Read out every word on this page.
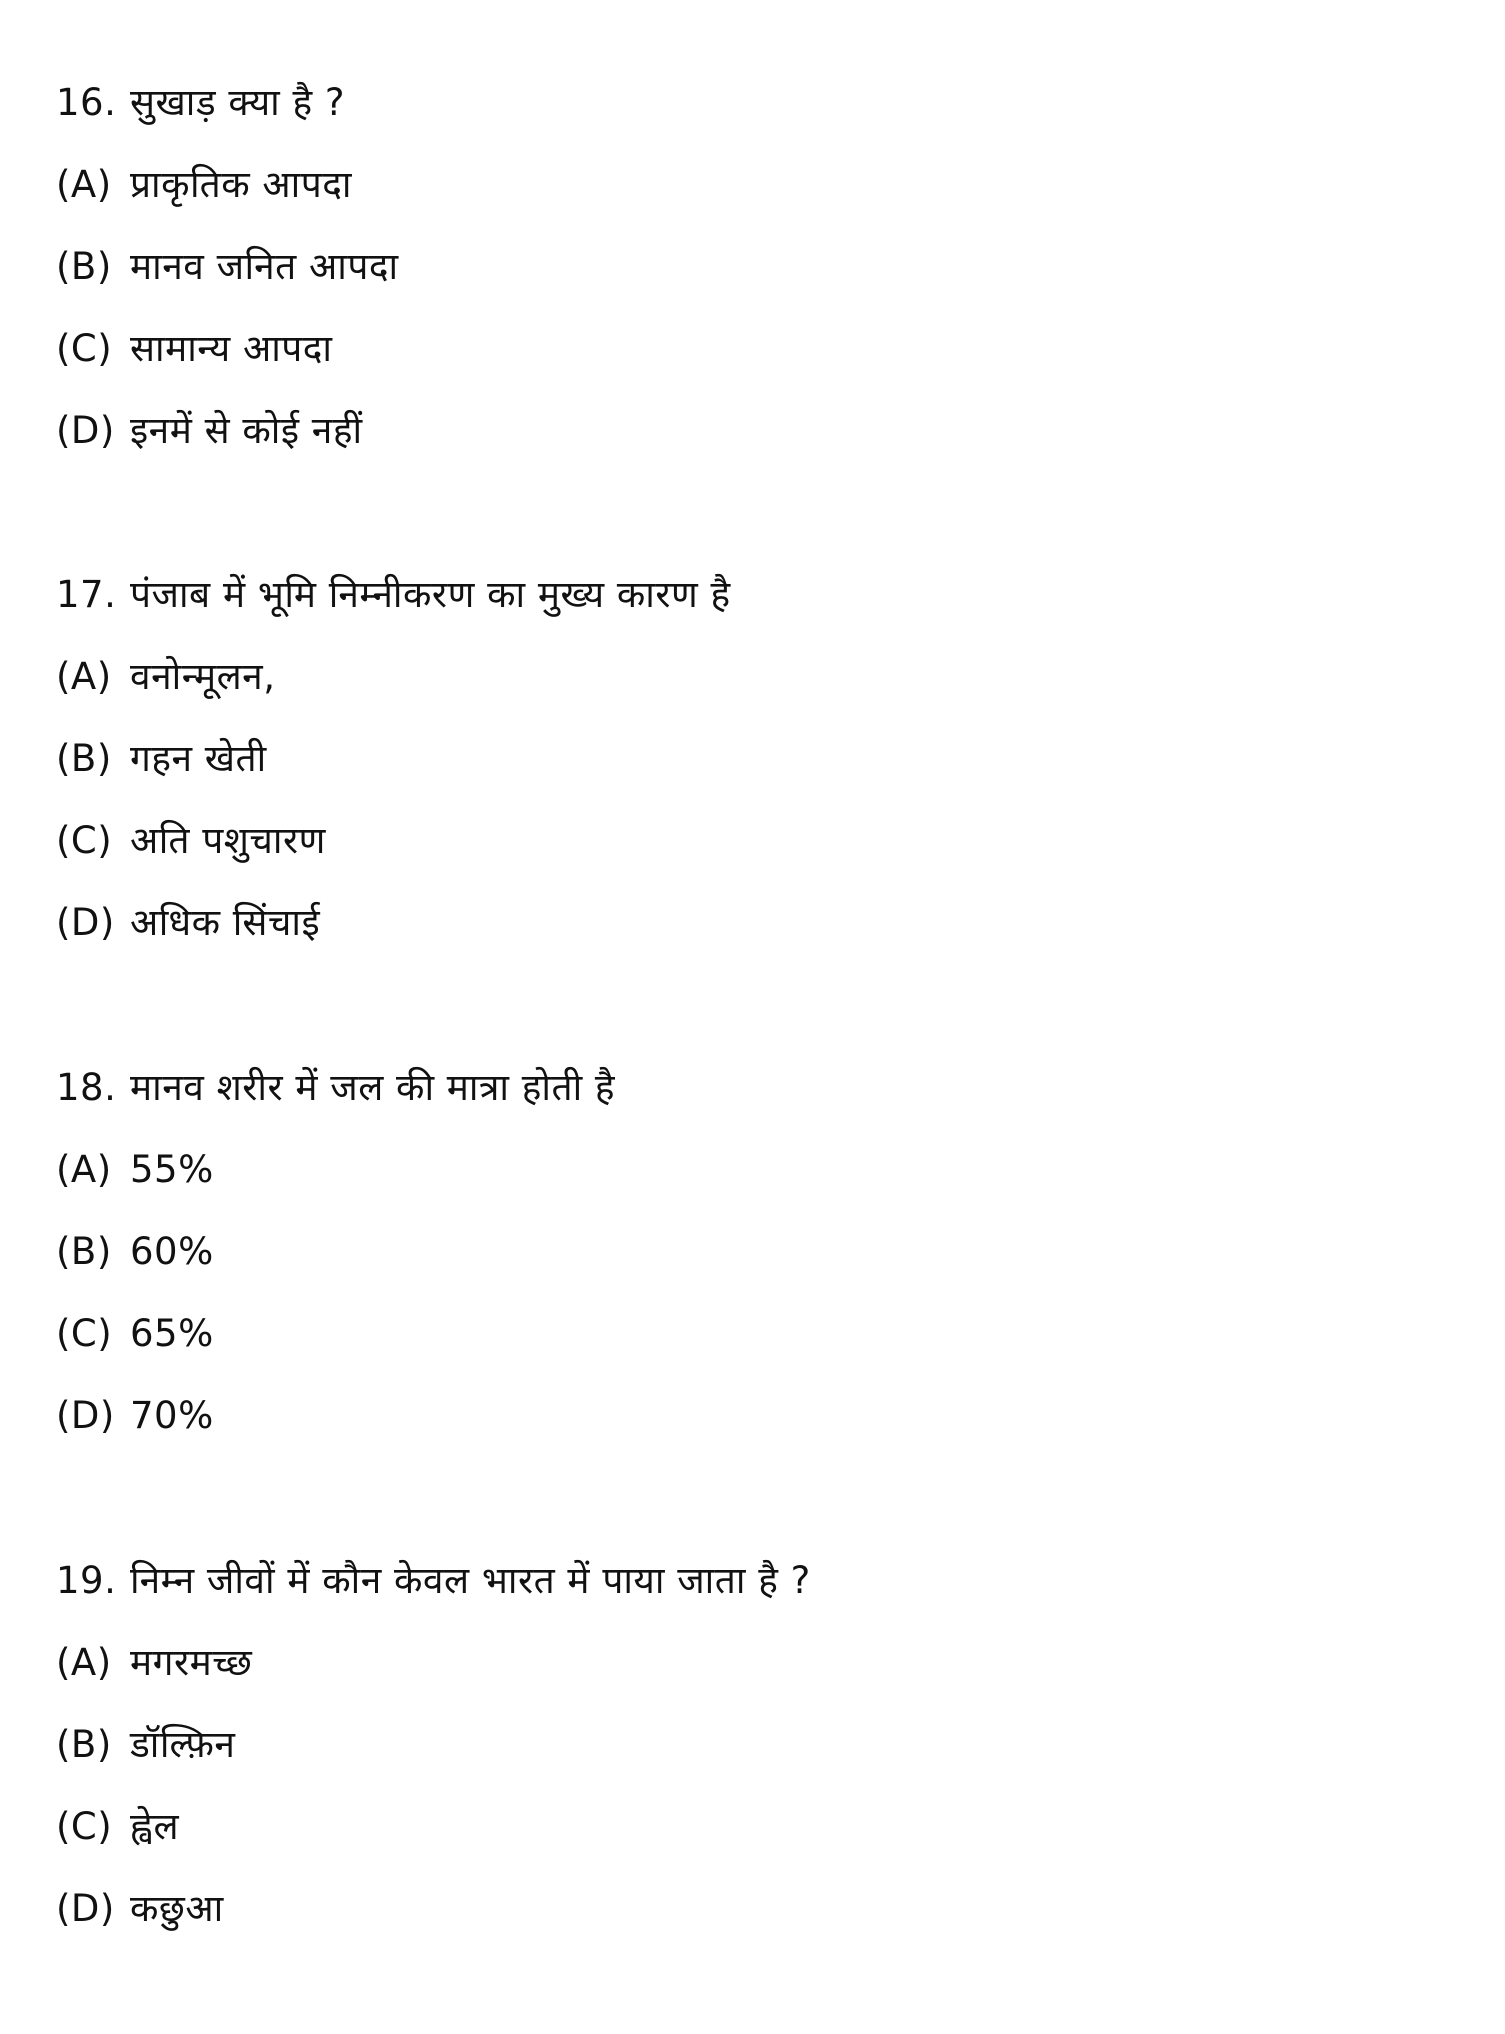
16. सुखाड़ क्या है ?
(A) प्राकृतिक आपदा
(B) मानव जनित आपदा
(C) सामान्य आपदा
(D) इनमें से कोई नहीं
17. पंजाब में भूमि निम्नीकरण का मुख्य कारण है
(A) वनोन्मूलन,
(B) गहन खेती
(C) अति पशुचारण
(D) अधिक सिंचाई
18. मानव शरीर में जल की मात्रा होती है
(A) 55%
(B) 60%
(C) 65%
(D) 70%
19. निम्न जीवों में कौन केवल भारत में पाया जाता है ?
(A) मगरमच्छ
(B) डॉल्फ़िन
(C) ह्वेल
(D) कछुआ
